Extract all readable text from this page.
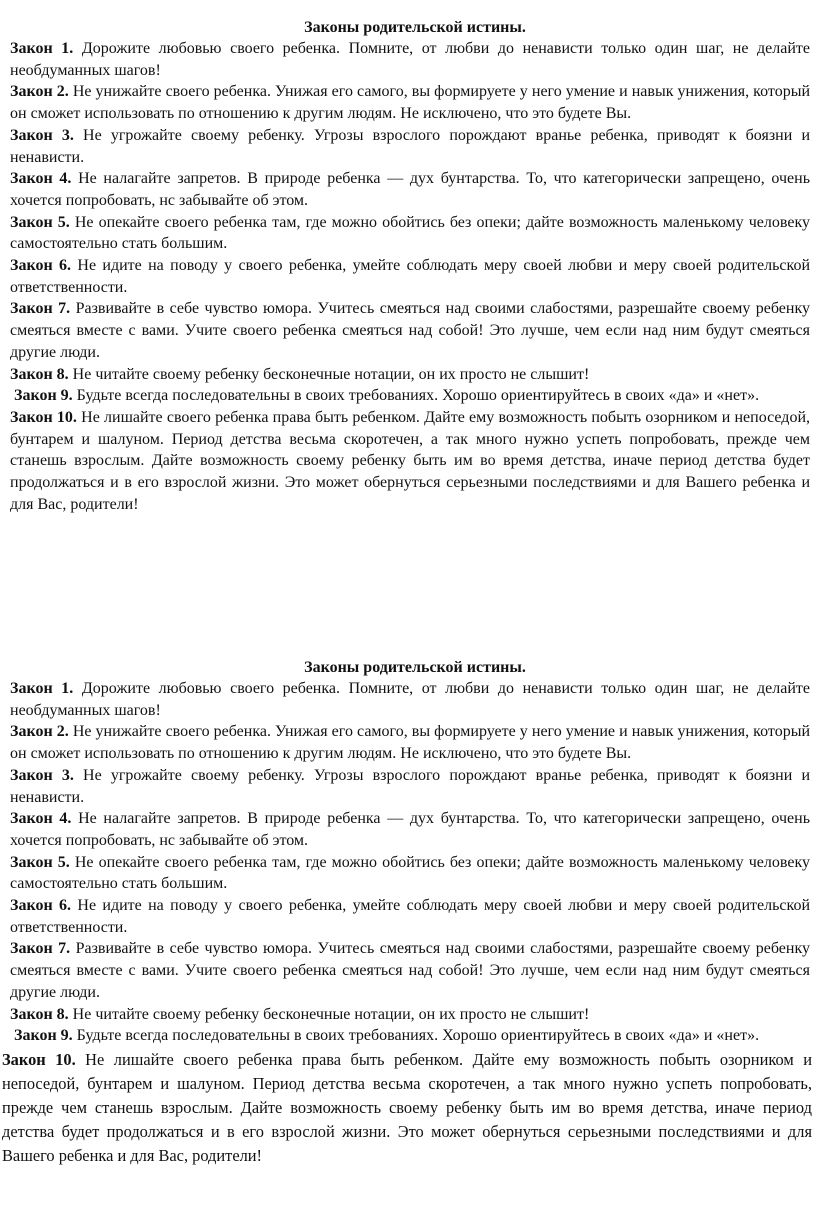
Законы родительской истины.

Закон 1. Дорожите любовью своего ребенка. Помните, от любви до ненависти только один шаг, не делайте необдуманных шагов!

Закон 2. Не унижайте своего ребенка. Унижая его самого, вы формируете у него умение и навык унижения, который он сможет использовать по отношению к другим людям. Не исключено, что это будете Вы.

Закон 3. Не угрожайте своему ребенку. Угрозы взрослого порождают вранье ребенка, приводят к боязни и ненависти.

Закон 4. Не налагайте запретов. В природе ребенка — дух бунтарства. То, что категорически запрещено, очень хочется попробовать, нс забывайте об этом.

Закон 5. Не опекайте своего ребенка там, где можно обойтись без опеки; дайте возможность маленькому человеку самостоятельно стать большим.

Закон 6. Не идите на поводу у своего ребенка, умейте соблюдать меру своей любви и меру своей родительской ответственности.

Закон 7. Развивайте в себе чувство юмора. Учитесь смеяться над своими слабостями, разрешайте своему ребенку смеяться вместе с вами. Учите своего ребенка смеяться над собой! Это лучше, чем если над ним будут смеяться другие люди.

Закон 8. Не читайте своему ребенку бесконечные нотации, он их просто не слышит!

Закон 9. Будьте всегда последовательны в своих требованиях. Хорошо ориентируйтесь в своих «да» и «нет».

Закон 10. Не лишайте своего ребенка права быть ребенком. Дайте ему возможность побыть озорником и непоседой, бунтарем и шалуном. Период детства весьма скоротечен, а так много нужно успеть попробовать, прежде чем станешь взрослым. Дайте возможность своему ребенку быть им во время детства, иначе период детства будет продолжаться и в его взрослой жизни. Это может обернуться серьезными последствиями и для Вашего ребенка и для Вас, родители!

Законы родительской истины.

Закон 1. Дорожите любовью своего ребенка. Помните, от любви до ненависти только один шаг, не делайте необдуманных шагов!

Закон 2. Не унижайте своего ребенка. Унижая его самого, вы формируете у него умение и навык унижения, который он сможет использовать по отношению к другим людям. Не исключено, что это будете Вы.

Закон 3. Не угрожайте своему ребенку. Угрозы взрослого порождают вранье ребенка, приводят к боязни и ненависти.

Закон 4. Не налагайте запретов. В природе ребенка — дух бунтарства. То, что категорически запрещено, очень хочется попробовать, нс забывайте об этом.

Закон 5. Не опекайте своего ребенка там, где можно обойтись без опеки; дайте возможность маленькому человеку самостоятельно стать большим.

Закон 6. Не идите на поводу у своего ребенка, умейте соблюдать меру своей любви и меру своей родительской ответственности.

Закон 7. Развивайте в себе чувство юмора. Учитесь смеяться над своими слабостями, разрешайте своему ребенку смеяться вместе с вами. Учите своего ребенка смеяться над собой! Это лучше, чем если над ним будут смеяться другие люди.

Закон 8. Не читайте своему ребенку бесконечные нотации, он их просто не слышит!

Закон 9. Будьте всегда последовательны в своих требованиях. Хорошо ориентируйтесь в своих «да» и «нет».

Закон 10. Не лишайте своего ребенка права быть ребенком. Дайте ему возможность побыть озорником и непоседой, бунтарем и шалуном. Период детства весьма скоротечен, а так много нужно успеть попробовать, прежде чем станешь взрослым. Дайте возможность своему ребенку быть им во время детства, иначе период детства будет продолжаться и в его взрослой жизни. Это может обернуться серьезными последствиями и для Вашего ребенка и для Вас, родители!
